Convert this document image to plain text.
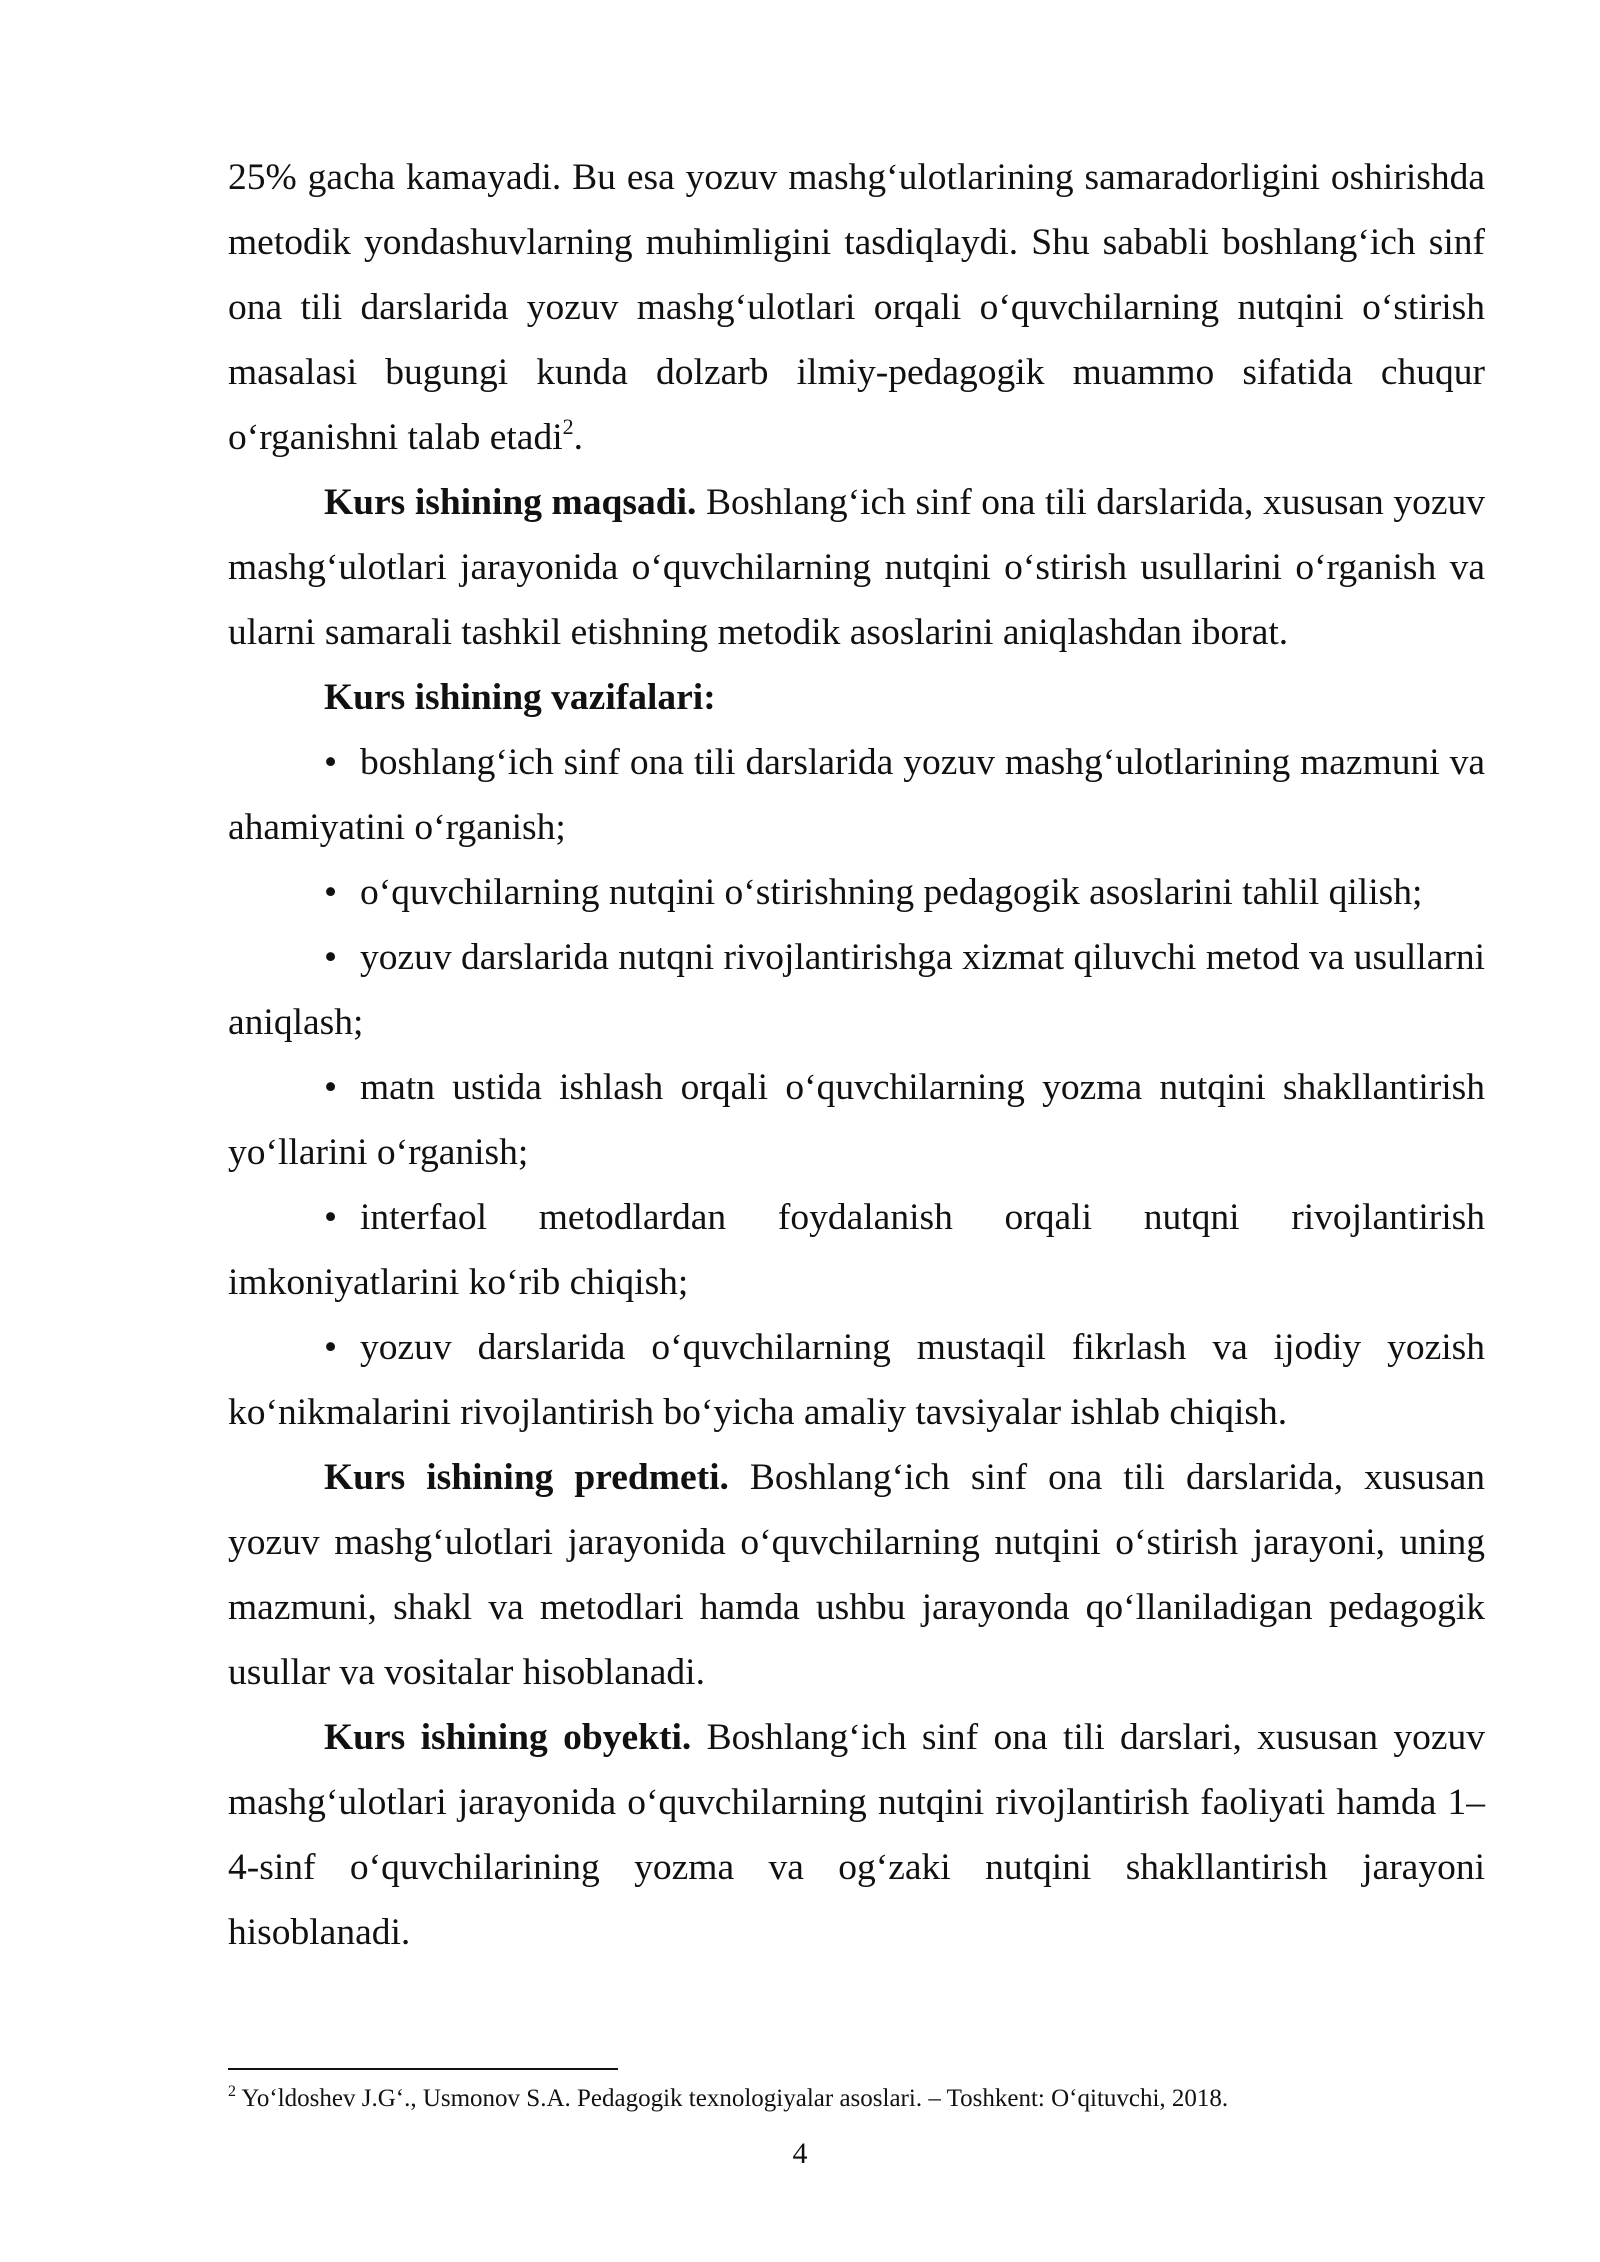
25% gacha kamayadi. Bu esa yozuv mashg‘ulotlarining samaradorligini oshirishda metodik yondashuvlarning muhimligini tasdiqlaydi. Shu sababli boshlang‘ich sinf ona tili darslarida yozuv mashg‘ulotlari orqali o‘quvchilarning nutqini o‘stirish masalasi bugungi kunda dolzarb ilmiy-pedagogik muammo sifatida chuqur o‘rganishni talab etadi$^2$.

Kurs ishining maqsadi. Boshlang‘ich sinf ona tili darslarida, xususan yozuv mashg‘ulotlari jarayonida o‘quvchilarning nutqini o‘stirish usullarini o‘rganish va ularni samarali tashkil etishning metodik asoslarini aniqlashdan iborat.

Kurs ishining vazifalari:

• boshlang‘ich sinf ona tili darslarida yozuv mashg‘ulotlarining mazmuni va ahamiyatini o‘rganish;

• o‘quvchilarning nutqini o‘stirishning pedagogik asoslarini tahlil qilish;

• yozuv darslarida nutqni rivojlantirishga xizmat qiluvchi metod va usullarni aniqlash;

• matn ustida ishlash orqali o‘quvchilarning yozma nutqini shakllantirish yo‘llarini o‘rganish;

• interfaol metodlardan foydalanish orqali nutqni rivojlantirish imkoniyatlarini ko‘rib chiqish;

• yozuv darslarida o‘quvchilarning mustaqil fikrlash va ijodiy yozish ko‘nikmalarini rivojlantirish bo‘yicha amaliy tavsiyalar ishlab chiqish.

Kurs ishining predmeti. Boshlang‘ich sinf ona tili darslarida, xususan yozuv mashg‘ulotlari jarayonida o‘quvchilarning nutqini o‘stirish jarayoni, uning mazmuni, shakl va metodlari hamda ushbu jarayonda qo‘llaniladigan pedagogik usullar va vositalar hisoblanadi.

Kurs ishining obyekti. Boshlang‘ich sinf ona tili darslari, xususan yozuv mashg‘ulotlari jarayonida o‘quvchilarning nutqini rivojlantirish faoliyati hamda 1–4-sinf o‘quvchilarining yozma va og‘zaki nutqini shakllantirish jarayoni hisoblanadi.

$^2$ Yo‘ldoshev J.G‘., Usmonov S.A. Pedagogik texnologiyalar asoslari. – Toshkent: O‘qituvchi, 2018.
4
